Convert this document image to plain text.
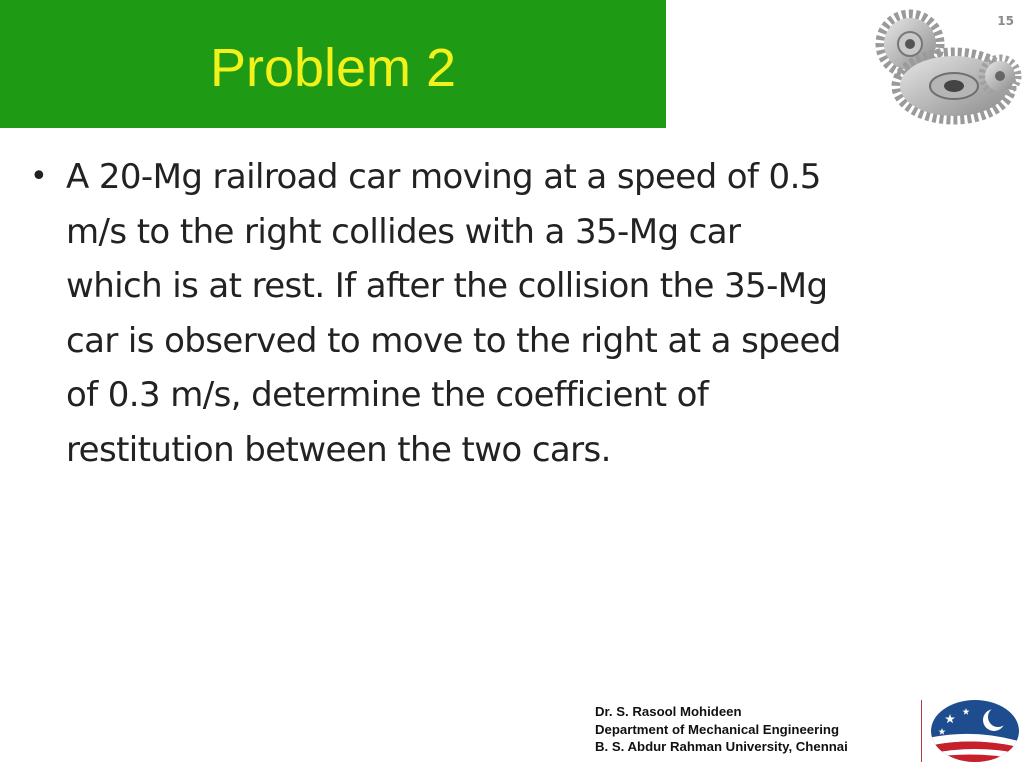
Problem 2
15
• A 20-Mg railroad car moving at a speed of 0.5
m/s to the right collides with a 35-Mg car
which is at rest. If after the collision the 35-Mg
car is observed to move to the right at a speed
of 0.3 m/s, determine the coefficient of
restitution between the two cars.
Dr. S. Rasool Mohideen
Department of Mechanical Engineering
B. S. Abdur Rahman University, Chennai
